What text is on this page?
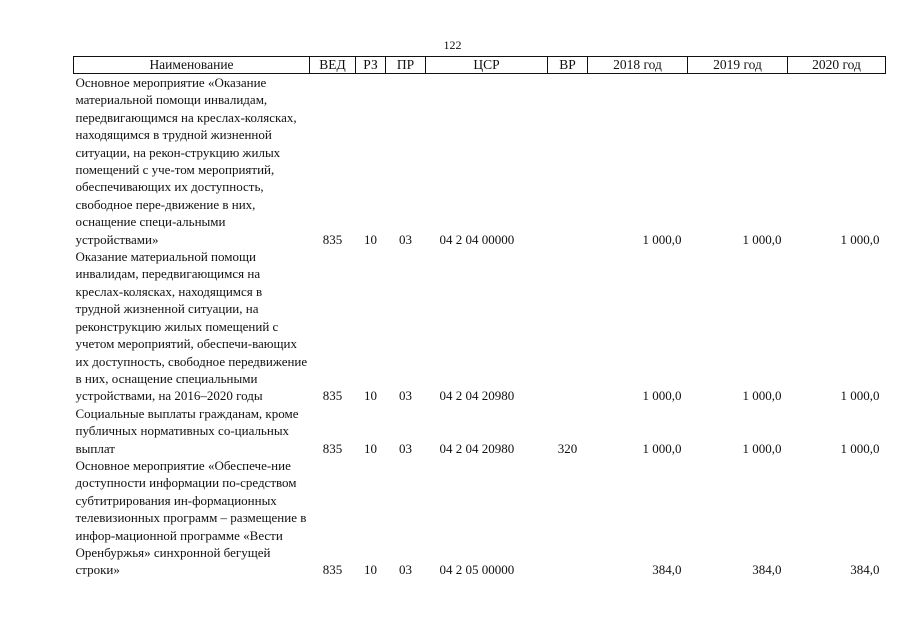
122
Наименование	ВЕД	РЗ	ПР	ЦСР	ВР	2018 год	2019 год	2020 год
Основное мероприятие «Оказание материальной помощи инвалидам, передвигающимся на креслах-колясках, находящимся в трудной жизненной ситуации, на рекон-струкцию жилых помещений с уче-том мероприятий, обеспечивающих их доступность, свободное пере-движение в них, оснащение специ-альными устройствами»	835	10	03	04 2 04 00000		1 000,0	1 000,0	1 000,0
Оказание материальной помощи инвалидам, передвигающимся на креслах-колясках, находящимся в трудной жизненной ситуации, на реконструкцию жилых помещений с учетом мероприятий, обеспечи-вающих их доступность, свободное передвижение в них, оснащение специальными устройствами, на 2016–2020 годы	835	10	03	04 2 04 20980		1 000,0	1 000,0	1 000,0
Социальные выплаты гражданам, кроме публичных нормативных со-циальных выплат	835	10	03	04 2 04 20980	320	1 000,0	1 000,0	1 000,0
Основное мероприятие «Обеспече-ние доступности информации по-средством субтитрирования ин-формационных телевизионных программ – размещение в инфор-мационной программе «Вести Оренбуржья» синхронной бегущей строки»	835	10	03	04 2 05 00000		384,0	384,0	384,0
